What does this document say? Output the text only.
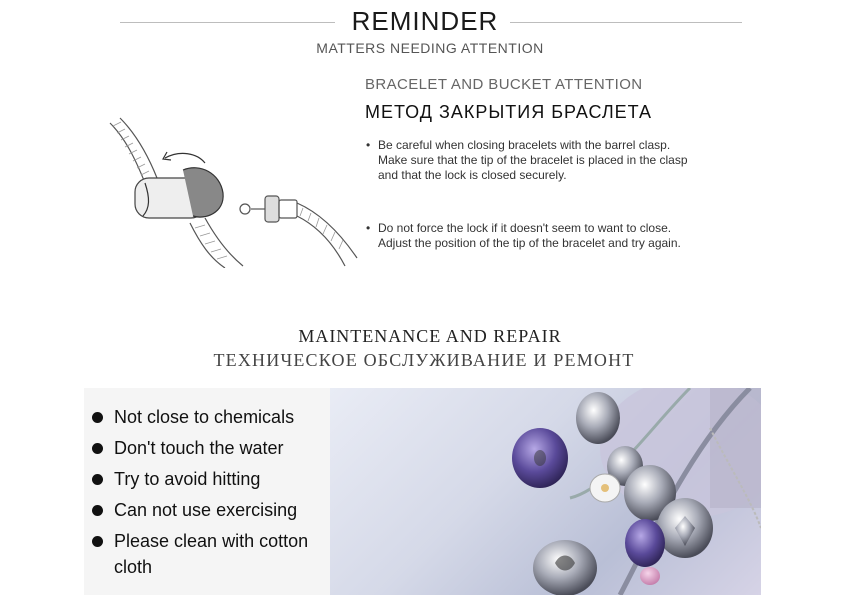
REMINDER
MATTERS NEEDING ATTENTION
BRACELET AND BUCKET ATTENTION
МЕТОД ЗАКРЫТИЯ БРАСЛЕТА
• Be careful when closing bracelets with the barrel clasp.
Make sure that the tip of the bracelet is placed in the clasp
and that the lock is closed securely.
• Do not force the lock if it doesn't seem to want to close.
Adjust the position of the tip of the bracelet and try again.
MAINTENANCE AND REPAIR
ТЕХНИЧЕСКОЕ ОБСЛУЖИВАНИЕ И РЕМОНТ
Not close to chemicals
Don't touch the water
Try to avoid hitting
Can not use exercising
Please clean with cotton cloth
